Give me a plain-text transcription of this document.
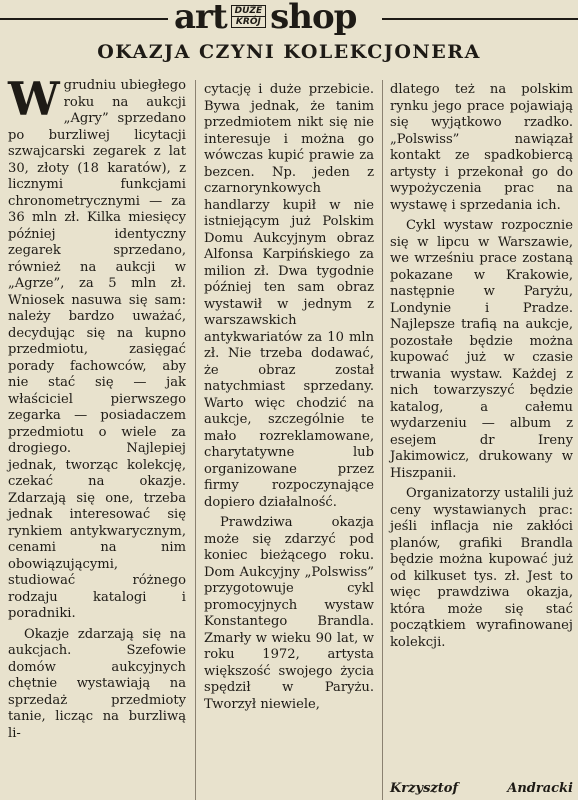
art DUŻE
KRÓJ shop
OKAZJA CZYNI KOLEKCJONERA

Wgrudniu ubiegłego roku na aukcji „Agry” sprzedano po burzliwej licytacji szwajcarski zegarek z lat 30, złoty (18 karatów), z licznymi funkcjami chronometrycznymi — za 36 mln zł. Kilka miesięcy później identyczny zegarek sprzedano, również na aukcji w „Agrze”, za 5 mln zł. Wniosek nasuwa się sam: należy bardzo uważać, decydując się na kupno przedmiotu, zasięgać porady fachowców, aby nie stać się — jak właściciel pierwszego zegarka — posiadaczem przedmiotu o wiele za drogiego. Najlepiej jednak, tworząc kolekcję, czekać na okazje. Zdarzają się one, trzeba jednak interesować się rynkiem antykwarycznym, cenami na nim obowiązującymi, studiować różnego rodzaju katalogi i poradniki.

Okazje zdarzają się na aukcjach. Szefowie domów aukcyjnych chętnie wystawiają na sprzedaż przedmioty tanie, licząc na burzliwą li-

cytację i duże przebicie. Bywa jednak, że tanim przedmiotem nikt się nie interesuje i można go wówczas kupić prawie za bezcen. Np. jeden z czarnorynkowych handlarzy kupił w nie istniejącym już Polskim Domu Aukcyjnym obraz Alfonsa Karpińskiego za milion zł. Dwa tygodnie później ten sam obraz wystawił w jednym z warszawskich antykwariatów za 10 mln zł. Nie trzeba dodawać, że obraz został natychmiast sprzedany. Warto więc chodzić na aukcje, szczególnie te mało rozreklamowane, charytatywne lub organizowane przez firmy rozpoczynające dopiero działalność.

Prawdziwa okazja może się zdarzyć pod koniec bieżącego roku. Dom Aukcyjny „Polswiss” przygotowuje cykl promocyjnych wystaw Konstantego Brandla. Zmarły w wieku 90 lat, w roku 1972, artysta większość swojego życia spędził w Paryżu. Tworzył niewiele,

dlatego też na polskim rynku jego prace pojawiają się wyjątkowo rzadko. „Polswiss” nawiązał kontakt ze spadkobiercą artysty i przekonał go do wypożyczenia prac na wystawę i sprzedania ich.

Cykl wystaw rozpocznie się w lipcu w Warszawie, we wrześniu prace zostaną pokazane w Krakowie, następnie w Paryżu, Londynie i Pradze. Najlepsze trafią na aukcje, pozostałe będzie można kupować już w czasie trwania wystaw. Każdej z nich towarzyszyć będzie katalog, a całemu wydarzeniu — album z esejem dr Ireny Jakimowicz, drukowany w Hiszpanii.

Organizatorzy ustalili już ceny wystawianych prac: jeśli inflacja nie zakłóci planów, grafiki Brandla będzie można kupować już od kilkuset tys. zł. Jest to więc prawdziwa okazja, która może się stać początkiem wyrafinowanej kolekcji.

Krzysztof	Andracki
